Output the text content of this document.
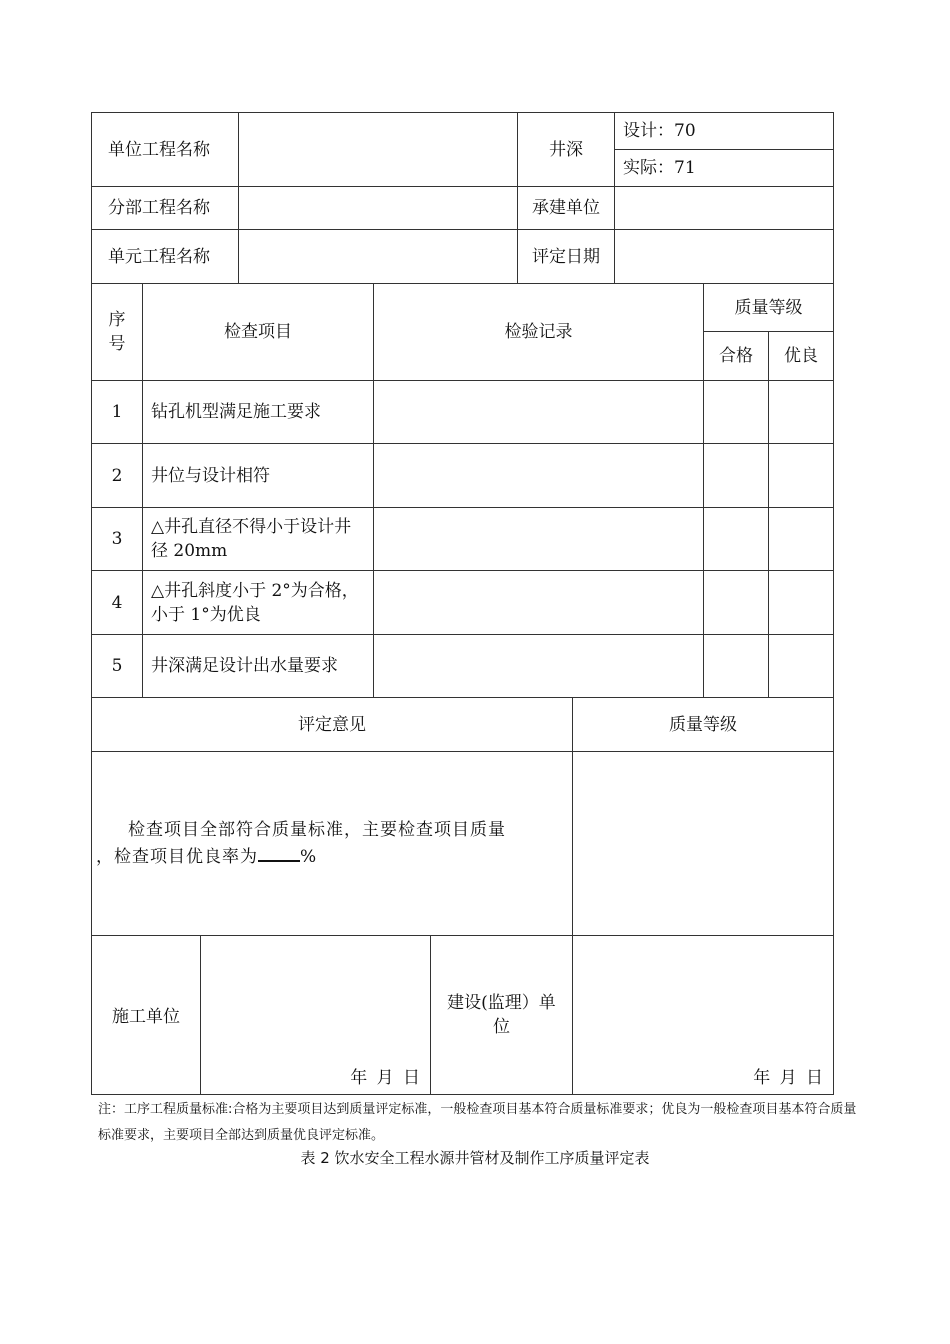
单位工程名称		井深	设计：70
			实际：71
分部工程名称		承建单位	
单元工程名称		评定日期	
序号	检查项目	检验记录	质量等级	
			合格	优良
1	钻孔机型满足施工要求			
2	井位与设计相符			
3	△井孔直径不得小于设计井径 20mm			
4	△井孔斜度小于 2°为合格，小于 1°为优良			
5	井深满足设计出水量要求			
评定意见	质量等级

检查项目全部符合质量标准，主要检查项目质量
，检查项目优良率为 %	

施工单位	年 月 日	建设(监理）单位	年 月 日
注：工序工程质量标准:合格为主要项目达到质量评定标准，一般检查项目基本符合质量标准要求；优良为一般检查项目基本符合质量标准要求，主要项目全部达到质量优良评定标准。
表 2 饮水安全工程水源井管材及制作工序质量评定表
